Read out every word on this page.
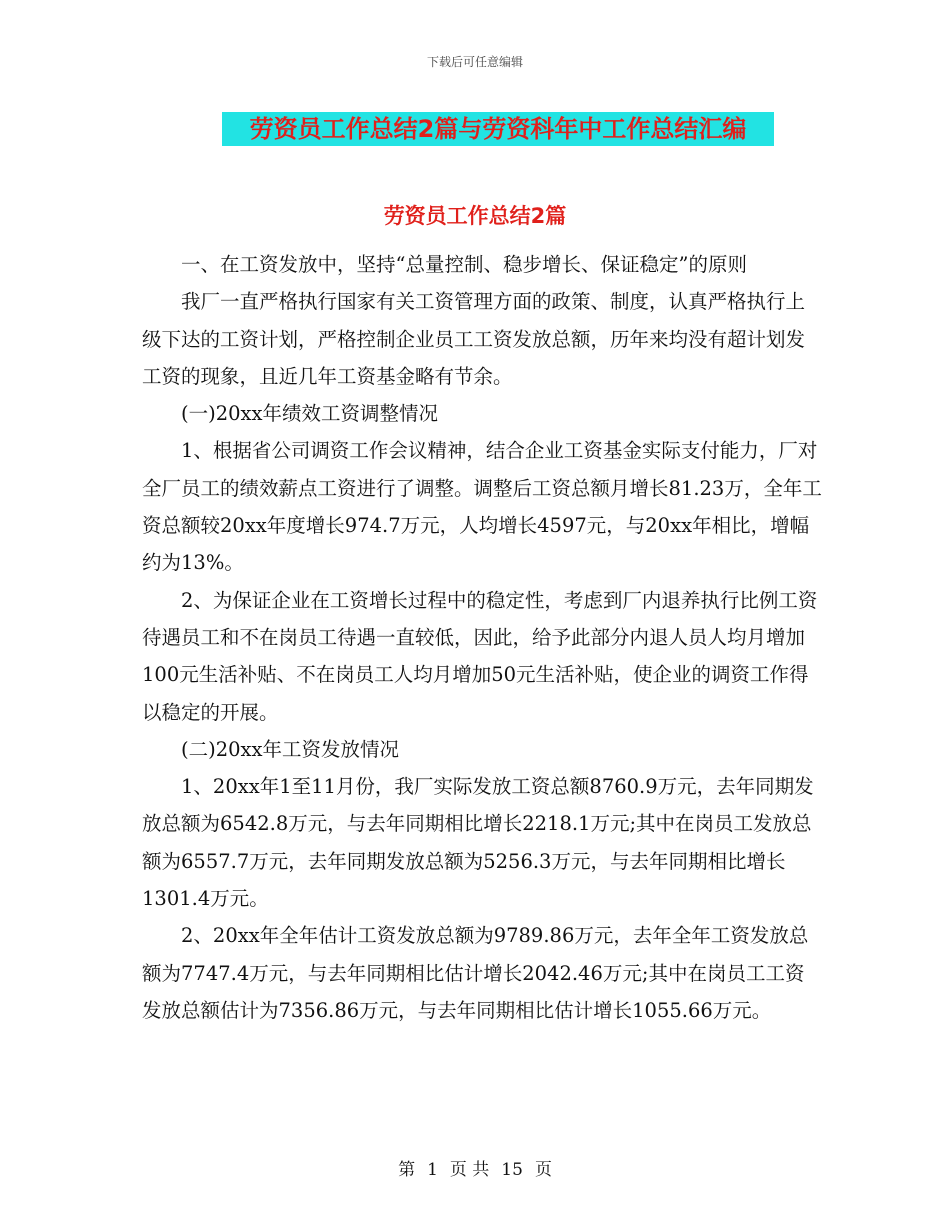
下载后可任意编辑
劳资员工作总结2篇与劳资科年中工作总结汇编
劳资员工作总结2篇

一、在工资发放中，坚持“总量控制、稳步增长、保证稳定”的原则

我厂一直严格执行国家有关工资管理方面的政策、制度，认真严格执行上级下达的工资计划，严格控制企业员工工资发放总额，历年来均没有超计划发工资的现象，且近几年工资基金略有节余。

(一)20xx年绩效工资调整情况

1、根据省公司调资工作会议精神，结合企业工资基金实际支付能力，厂对全厂员工的绩效薪点工资进行了调整。调整后工资总额月增长81.23万，全年工资总额较20xx年度增长974.7万元，人均增长4597元，与20xx年相比，增幅约为13%。

2、为保证企业在工资增长过程中的稳定性，考虑到厂内退养执行比例工资待遇员工和不在岗员工待遇一直较低，因此，给予此部分内退人员人均月增加100元生活补贴、不在岗员工人均月增加50元生活补贴，使企业的调资工作得以稳定的开展。

(二)20xx年工资发放情况

1、20xx年1至11月份，我厂实际发放工资总额8760.9万元，去年同期发放总额为6542.8万元，与去年同期相比增长2218.1万元;其中在岗员工发放总额为6557.7万元，去年同期发放总额为5256.3万元，与去年同期相比增长1301.4万元。

2、20xx年全年估计工资发放总额为9789.86万元，去年全年工资发放总额为7747.4万元，与去年同期相比估计增长2042.46万元;其中在岗员工工资发放总额估计为7356.86万元，与去年同期相比估计增长1055.66万元。

第 1 页 共 15 页
